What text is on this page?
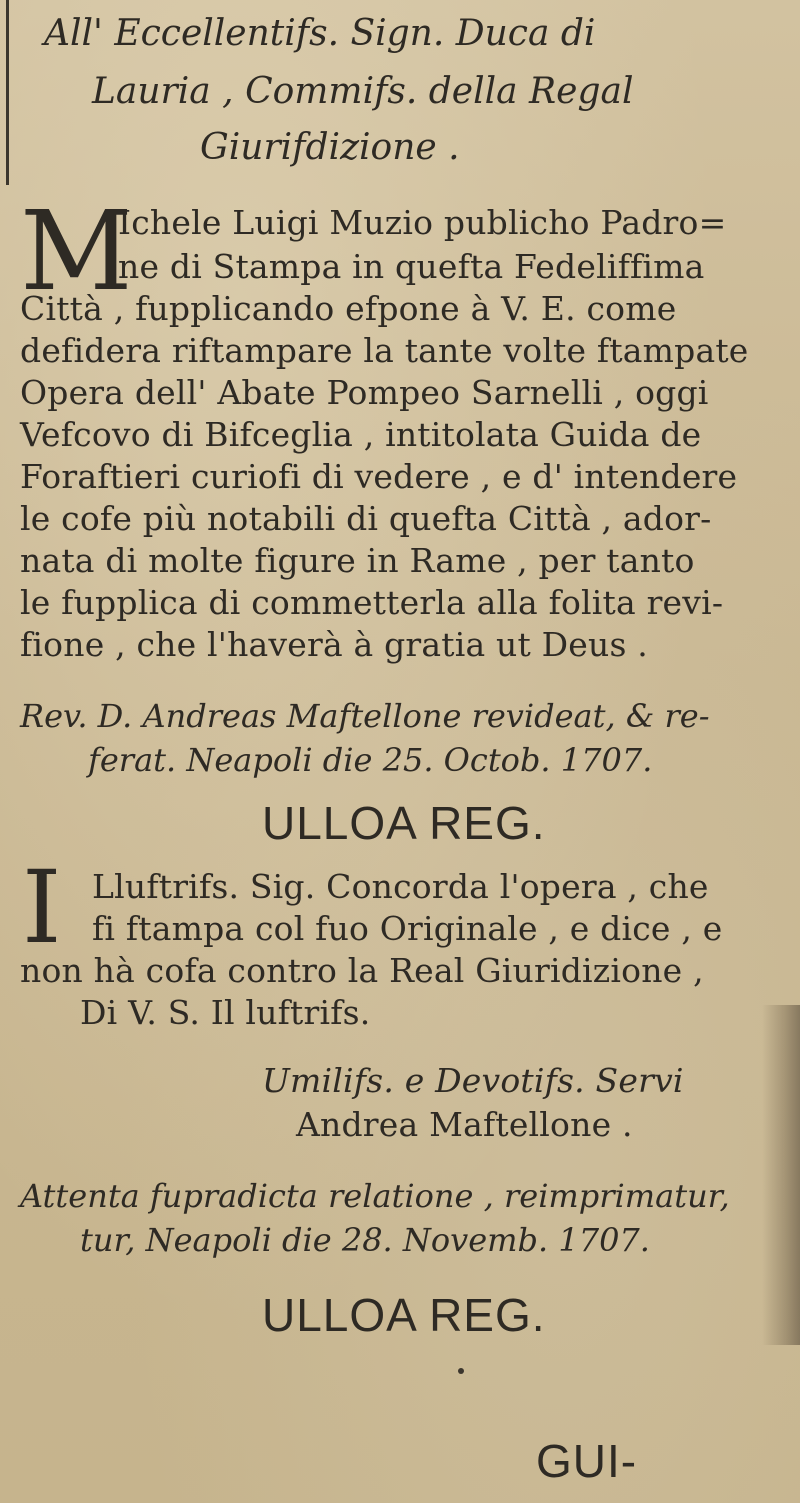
All' Eccellentifs. Sign. Duca di
Lauria , Commifs. della Regal
Giurifdizione .
M
Ichele Luigi Muzio publicho Padro=
ne di Stampa in quefta Fedeliffima
Città , fupplicando efpone à V. E. come
defidera riftampare la tante volte ftampate
Opera dell' Abate Pompeo Sarnelli , oggi
Vefcovo di Bifceglia , intitolata Guida de
Foraftieri curiofi di vedere , e d' intendere
le cofe più notabili di quefta Città , ador-
nata di molte figure in Rame , per tanto
le fupplica di commetterla alla folita revi-
fione , che l'haverà à gratia ut Deus .
Rev. D. Andreas Maftellone revideat, & re-
ferat. Neapoli die 25. Octob. 1707.
ULLOA REG.
I Lluftrifs. Sig. Concorda l'opera , che
fi ftampa col fuo Originale , e dice , e
non hà cofa contro la Real Giuridizione ,
Di V. S. Il luftrifs.
Umilifs. e Devotifs. Servi
Andrea Maftellone .
Attenta fupradicta relatione , reimprimatur,
tur, Neapoli die 28. Novemb. 1707.
ULLOA REG.
GUI-
